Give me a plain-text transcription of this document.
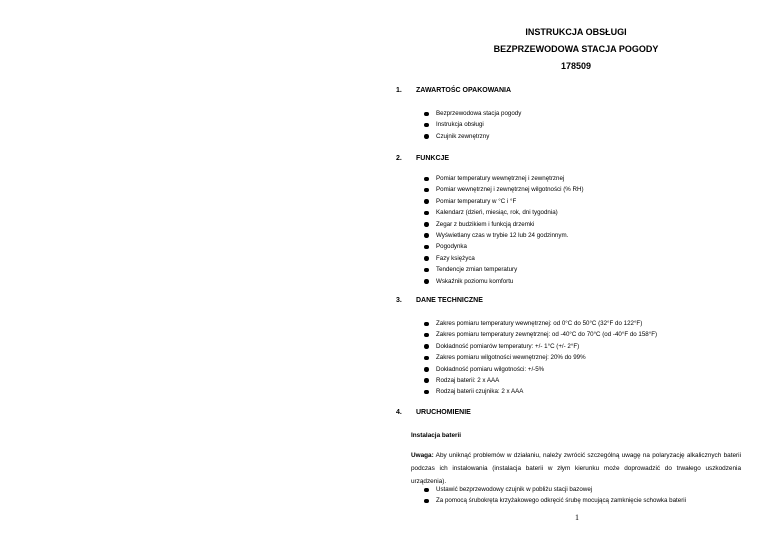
INSTRUKCJA OBSŁUGI

BEZPRZEWODOWA STACJA POGODY

178509

1. ZAWARTOŚC OPAKOWANIA
Bezprzewodowa stacja pogody
Instrukcja obsługi
Czujnik zewnętrzny
2. FUNKCJE
Pomiar temperatury wewnętrznej i zewnętrznej
Pomiar wewnętrznej i zewnętrznej wilgotności (% RH)
Pomiar temperatury w °C i °F
Kalendarz (dzień, miesiąc, rok, dni tygodnia)
Zegar z budzikiem i funkcją drzemki
Wyświetlany czas w trybie 12 lub 24 godzinnym.
Pogodynka
Fazy księżyca
Tendencje zmian temperatury
Wskaźnik poziomu komfortu
3. DANE TECHNICZNE
Zakres pomiaru temperatury wewnętrznej: od 0°C do 50°C (32°F do 122°F)
Zakres pomiaru temperatury zewnętrznej: od -40°C do 70°C (od -40°F do 158°F)
Dokładność pomiarów temperatury: +/- 1°C (+/- 2°F)
Zakres pomiaru wilgotności wewnętrznej: 20% do 99%
Dokładność pomiaru wilgotności: +/-5%
Rodzaj baterii: 2 x AAA
Rodzaj baterii czujnika: 2 x AAA
4. URUCHOMIENIE
Instalacja baterii
Uwaga: Aby uniknąć problemów w działaniu, należy zwrócić szczególną uwagę na polaryzację alkalicznych baterii podczas ich instalowania (instalacja baterii w złym kierunku może doprowadzić do trwałego uszkodzenia urządzenia).
Ustawić bezprzewodowy czujnik w pobliżu stacji bazowej
Za pomocą śrubokręta krzyżakowego odkręcić śrubę mocującą zamknięcie schowka baterii
1
